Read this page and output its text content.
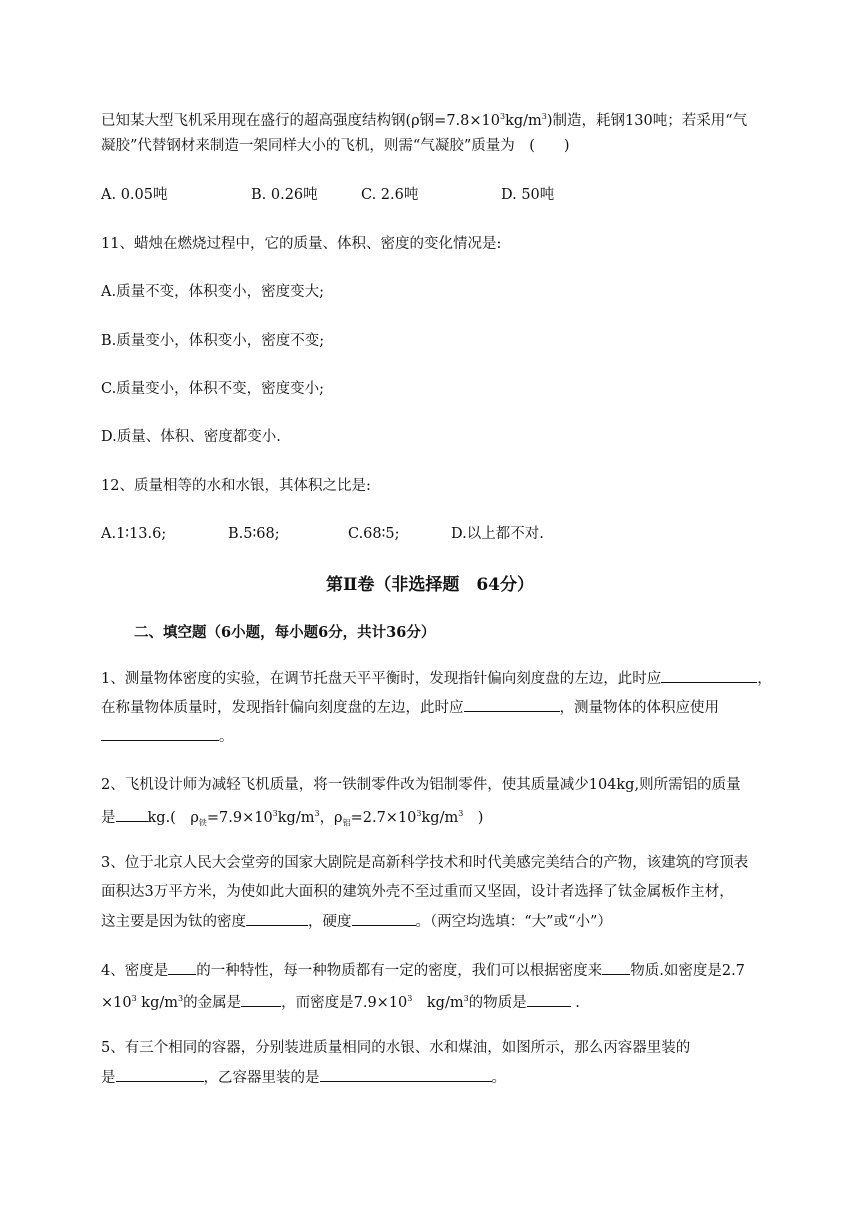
已知某大型飞机采用现在盛行的超高强度结构钢(ρ钢$=7.8\times 10^3kg/m^3$)制造，耗钢130吨；若采用“气
凝胶”代替钢材来制造一架同样大小的飞机，则需“气凝胶”质量为　(　　)
A. 0.05吨	B. 0.26吨	C. 2.6吨	D. 50吨
11、蜡烛在燃烧过程中，它的质量、体积、密度的变化情况是:
A.质量不变，体积变小，密度变大;
B.质量变小，体积变小，密度不变;
C.质量变小，体积不变，密度变小;
D.质量、体积、密度都变小.
12、质量相等的水和水银，其体积之比是:
A.1∶13.6;	B.5∶68;	C.68∶5;	D.以上都不对.
第Ⅱ卷（非选择题　64分）
二、填空题（6小题，每小题6分，共计36分）
1、测量物体密度的实验，在调节托盘天平平衡时，发现指针偏向刻度盘的左边，此时应	，
在称量物体质量时，发现指针偏向刻度盘的左边，此时应	，测量物体的体积应使用
。
2、飞机设计师为减轻飞机质量，将一铁制零件改为铝制零件，使其质量减少104kg,则所需铝的质量
是 kg.(　$\rho_铁=7.9\times 10^3kg/m^3$，$\rho_铝=2.7\times 10^3kg/m^3$　)
3、位于北京人民大会堂旁的国家大剧院是高新科学技术和时代美感完美结合的产物，该建筑的穹顶表
面积达3万平方米，为使如此大面积的建筑外壳不至过重而又坚固，设计者选择了钛金属板作主材，
这主要是因为钛的密度	，硬度	。（两空均选填：“大”或“小”）
4、密度是 的一种特性，每一种物质都有一定的密度，我们可以根据密度来 物质.如密度是2.7
$\times 10^3$ $kg/m^3$的金属是	，而密度是$7.9\times 10^3$　$kg/m^3$的物质是	.
5、有三个相同的容器，分别装进质量相同的水银、水和煤油，如图所示，那么丙容器里装的
是	，乙容器里装的是	。
